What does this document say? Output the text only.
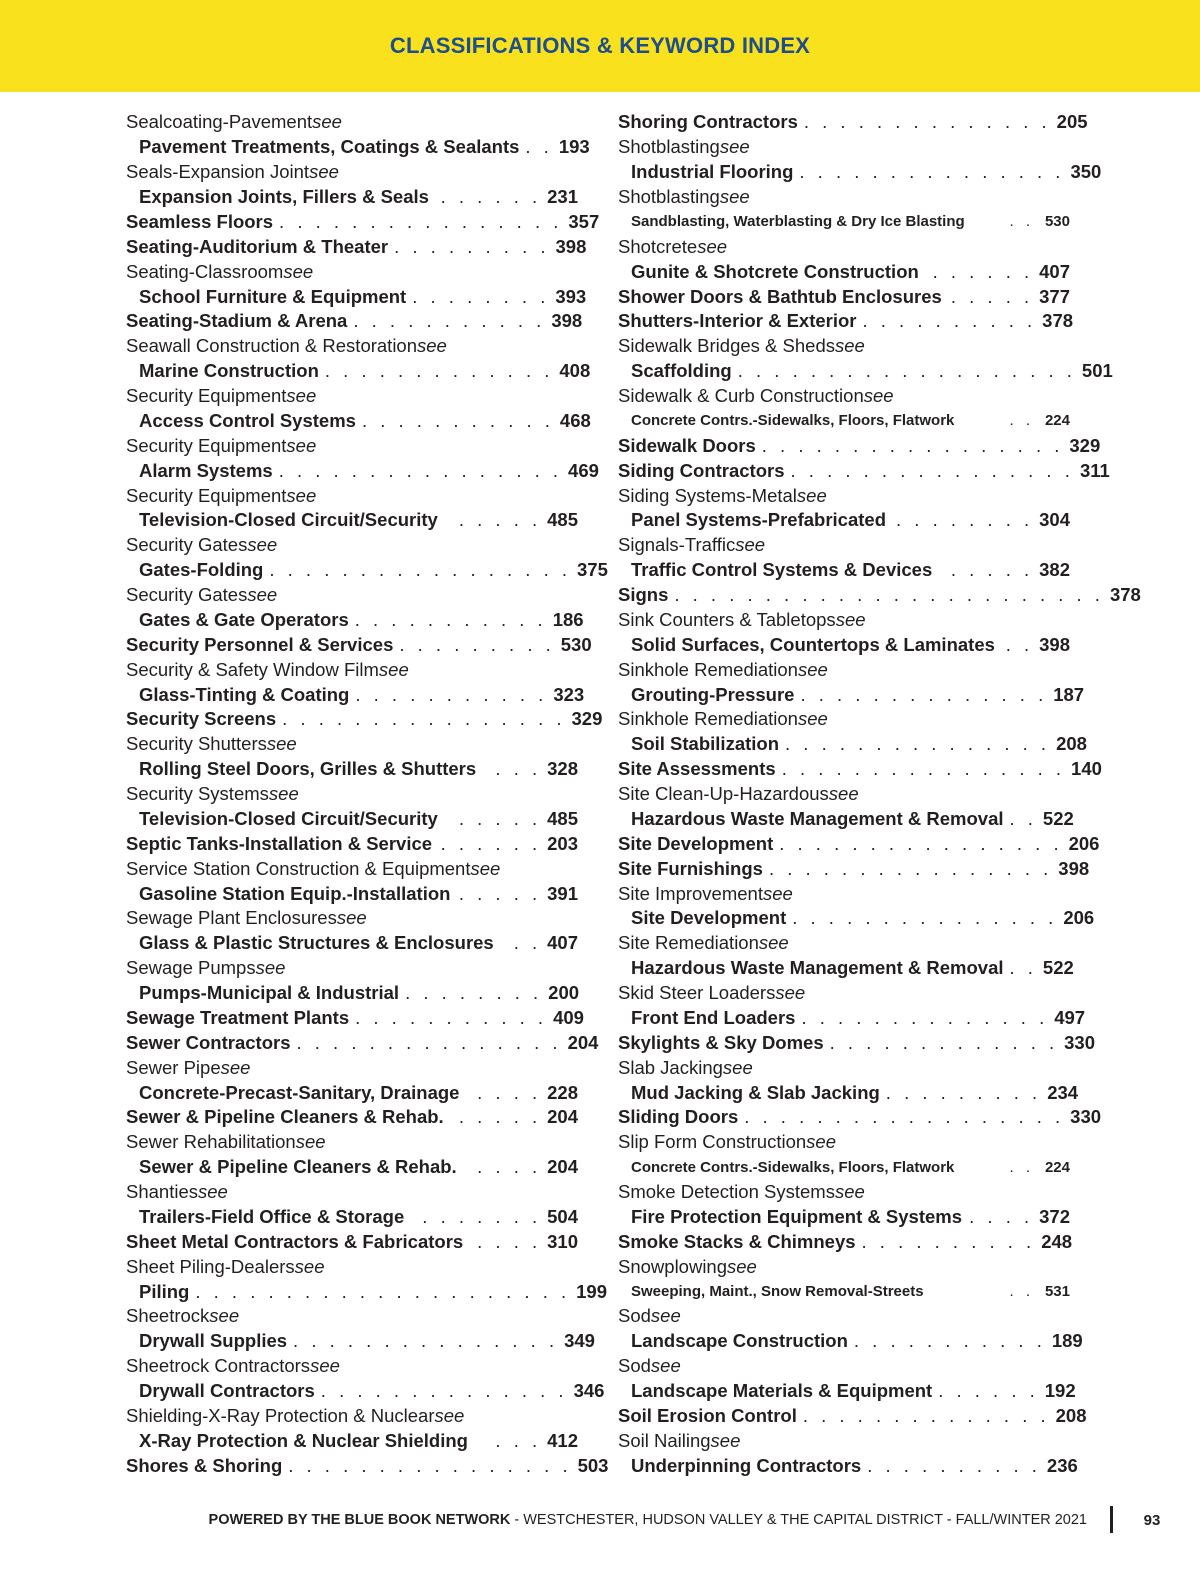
CLASSIFICATIONS & KEYWORD INDEX
Sealcoating-Pavement see
Pavement Treatments, Coatings & Sealants . . 193
Seals-Expansion Joint see
Expansion Joints, Fillers & Seals . . . . . . 231
Seamless Floors . . . . . . . . . . . . . . . . 357
Seating-Auditorium & Theater . . . . . . . . . 398
Seating-Classroom see
School Furniture & Equipment . . . . . . . . 393
Seating-Stadium & Arena . . . . . . . . . . . 398
Seawall Construction & Restoration see
Marine Construction . . . . . . . . . . . . . 408
Security Equipment see
Access Control Systems . . . . . . . . . . . 468
Security Equipment see
Alarm Systems . . . . . . . . . . . . . . . . 469
Security Equipment see
Television-Closed Circuit/Security	. . . . . 485
Security Gates see
Gates-Folding . . . . . . . . . . . . . . . . . 375
Security Gates see
Gates & Gate Operators . . . . . . . . . . . 186
Security Personnel & Services . . . . . . . . . 530
Security & Safety Window Film see
Glass-Tinting & Coating . . . . . . . . . . . 323
Security Screens . . . . . . . . . . . . . . . . 329
Security Shutters see
Rolling Steel Doors, Grilles & Shutters	. . . 328
Security Systems see
Television-Closed Circuit/Security	. . . . . 485
Septic Tanks-Installation & Service . . . . . . 203
Service Station Construction & Equipment see
Gasoline Station Equip.-Installation . . . . . 391
Sewage Plant Enclosures see
Glass & Plastic Structures & Enclosures	. . 407
Sewage Pumps see
Pumps-Municipal & Industrial . . . . . . . . 200
Sewage Treatment Plants . . . . . . . . . . . 409
Sewer Contractors . . . . . . . . . . . . . . . 204
Sewer Pipe see
Concrete-Precast-Sanitary, Drainage . . . . 228
Sewer & Pipeline Cleaners & Rehab. . . . . . 204
Sewer Rehabilitation see
Sewer & Pipeline Cleaners & Rehab.	. . . . 204
Shanties see
Trailers-Field Office & Storage . . . . . . . 504
Sheet Metal Contractors & Fabricators . . . . 310
Sheet Piling-Dealers see
Piling . . . . . . . . . . . . . . . . . . . . . 199
Sheetrock see
Drywall Supplies . . . . . . . . . . . . . . . 349
Sheetrock Contractors see
Drywall Contractors . . . . . . . . . . . . . . 346
Shielding-X-Ray Protection & Nuclear see
X-Ray Protection & Nuclear Shielding	. . . 412
Shores & Shoring . . . . . . . . . . . . . . . . 503
Shoring Contractors . . . . . . . . . . . . . . 205
Shotblasting see
Industrial Flooring . . . . . . . . . . . . . . . 350
Shotblasting see
Sandblasting, Waterblasting & Dry Ice Blasting	. . 530
Shotcrete see
Gunite & Shotcrete Construction . . . . . . 407
Shower Doors & Bathtub Enclosures . . . . . 377
Shutters-Interior & Exterior . . . . . . . . . . 378
Sidewalk Bridges & Sheds see
Scaffolding . . . . . . . . . . . . . . . . . . . 501
Sidewalk & Curb Construction see
Concrete Contrs.-Sidewalks, Floors, Flatwork	. . 224
Sidewalk Doors . . . . . . . . . . . . . . . . . 329
Siding Contractors . . . . . . . . . . . . . . . . 311
Siding Systems-Metal see
Panel Systems-Prefabricated . . . . . . . . 304
Signals-Traffic see
Traffic Control Systems & Devices	. . . . . 382
Signs . . . . . . . . . . . . . . . . . . . . . . . . 378
Sink Counters & Tabletops see
Solid Surfaces, Countertops & Laminates . . 398
Sinkhole Remediation see
Grouting-Pressure . . . . . . . . . . . . . . 187
Sinkhole Remediation see
Soil Stabilization . . . . . . . . . . . . . . . 208
Site Assessments . . . . . . . . . . . . . . . . 140
Site Clean-Up-Hazardous see
Hazardous Waste Management & Removal . . 522
Site Development . . . . . . . . . . . . . . . . 206
Site Furnishings . . . . . . . . . . . . . . . . 398
Site Improvement see
Site Development . . . . . . . . . . . . . . . 206
Site Remediation see
Hazardous Waste Management & Removal . . 522
Skid Steer Loaders see
Front End Loaders . . . . . . . . . . . . . . 497
Skylights & Sky Domes . . . . . . . . . . . . . 330
Slab Jacking see
Mud Jacking & Slab Jacking . . . . . . . . . 234
Sliding Doors . . . . . . . . . . . . . . . . . . 330
Slip Form Construction see
Concrete Contrs.-Sidewalks, Floors, Flatwork	. . 224
Smoke Detection Systems see
Fire Protection Equipment & Systems . . . . 372
Smoke Stacks & Chimneys . . . . . . . . . . 248
Snowplowing see
Sweeping, Maint., Snow Removal-Streets	. . 531
Sod see
Landscape Construction . . . . . . . . . . . 189
Sod see
Landscape Materials & Equipment . . . . . . 192
Soil Erosion Control . . . . . . . . . . . . . . 208
Soil Nailing see
Underpinning Contractors . . . . . . . . . . 236
POWERED BY THE BLUE BOOK NETWORK - WESTCHESTER, HUDSON VALLEY & THE CAPITAL DISTRICT - FALL/WINTER 2021	93
